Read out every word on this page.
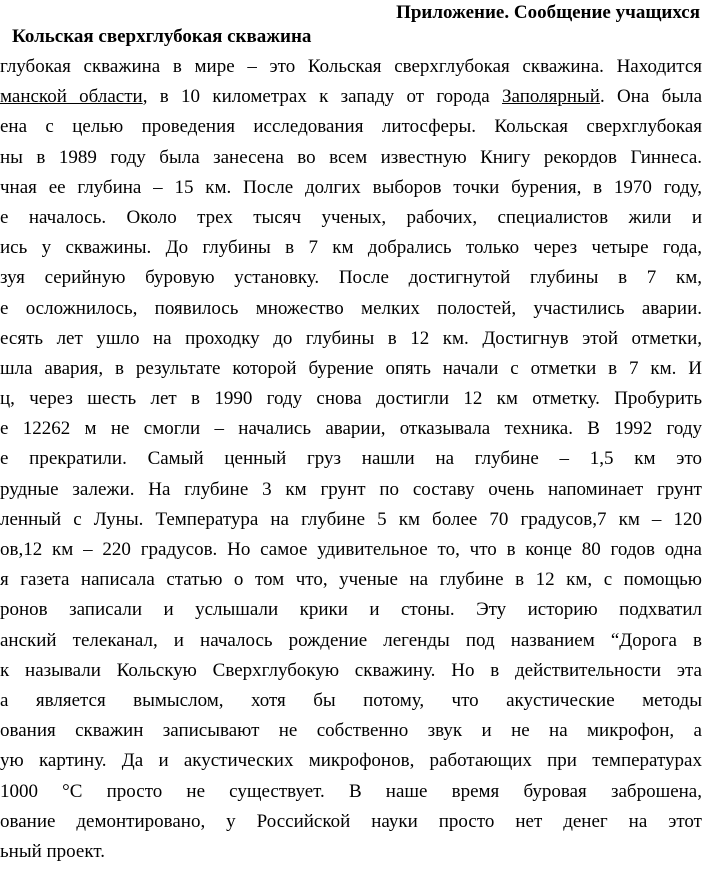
Приложение. Сообщение учащихся
Кольская сверхглубокая скважина
глубокая скважина в мире – это Кольская сверхглубокая скважина. Находится
манской области, в 10 километрах к западу от города Заполярный. Она была
ена с целью проведения исследования литосферы. Кольская сверхглубокая
ны в 1989 году была занесена во всем известную Книгу рекордов Гиннеса.
чная ее глубина – 15 км. После долгих выборов точки бурения, в 1970 году,
е началось. Около трех тысяч ученых, рабочих, специалистов жили и
ись у скважины. До глубины в 7 км добрались только через четыре года,
зуя серийную буровую установку. После достигнутой глубины в 7 км,
е осложнилось, появилось множество мелких полостей, участились аварии.
есять лет ушло на проходку до глубины в 12 км. Достигнув этой отметки,
шла авария, в результате которой бурение опять начали с отметки в 7 км. И
ц, через шесть лет в 1990 году снова достигли 12 км отметку. Пробурить
е 12262 м не смогли – начались аварии, отказывала техника. В 1992 году
е прекратили. Самый ценный груз нашли на глубине – 1,5 км это
рудные залежи. На глубине 3 км грунт по составу очень напоминает грунт
ленный с Луны. Температура на глубине 5 км более 70 градусов,7 км – 120
ов,12 км – 220 градусов. Но самое удивительное то, что в конце 80 годов одна
я газета написала статью о том что, ученые на глубине в 12 км, с помощью
ронов записали и услышали крики и стоны. Эту историю подхватил
анский телеканал, и началось рождение легенды под названием “Дорога в
к называли Кольскую Сверхглубокую скважину. Но в действительности эта
а является вымыслом, хотя бы потому, что акустические методы
ования скважин записывают не собственно звук и не на микрофон, а
ую картину. Да и акустических микрофонов, работающих при температурах
1000 °С просто не существует. В наше время буровая заброшена,
ование демонтировано, у Российской науки просто нет денег на этот
ьный проект.
